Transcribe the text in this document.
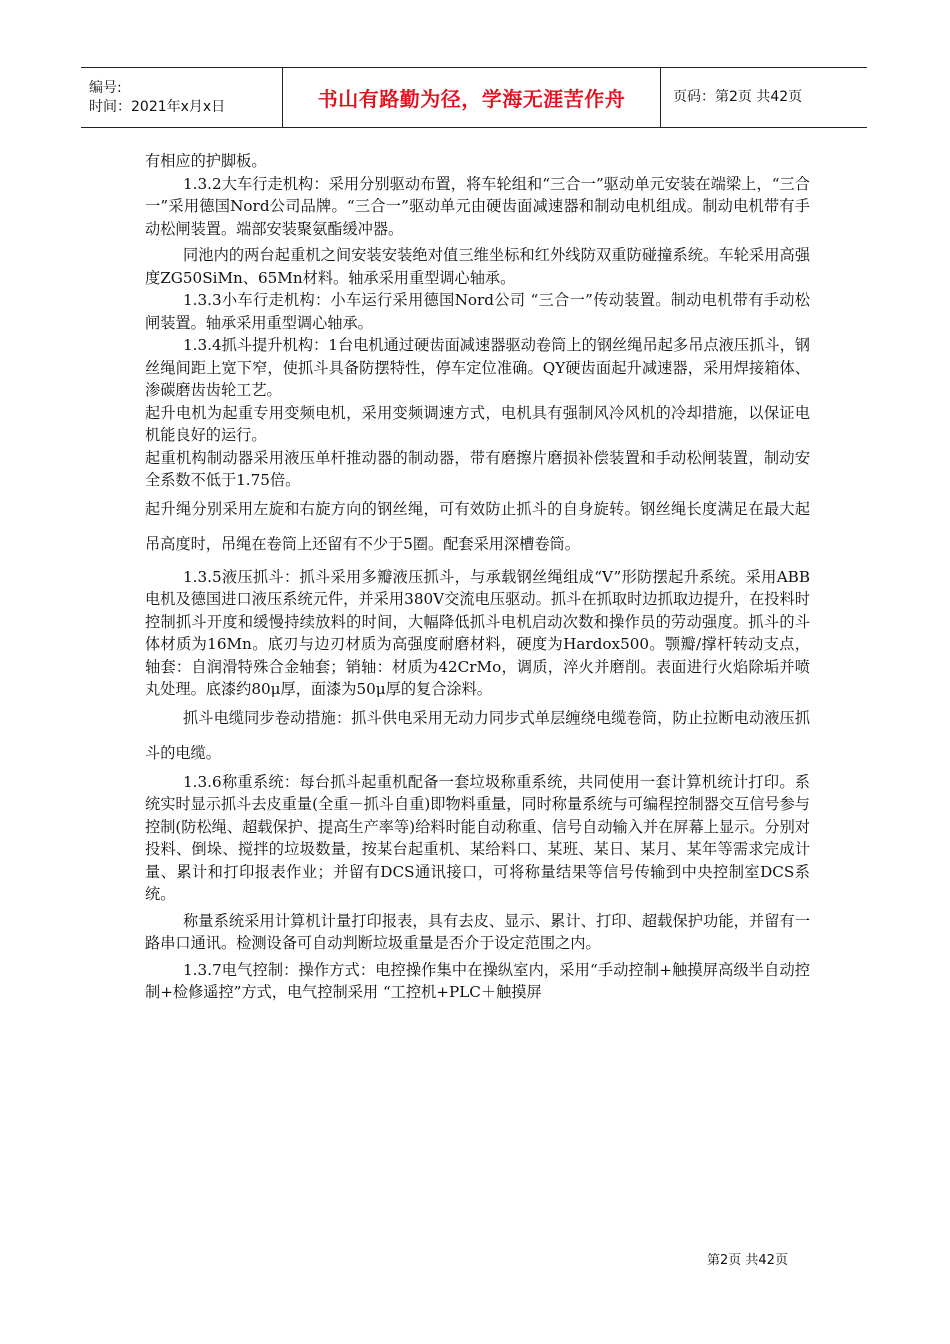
编号:
时间：2021年x月x日	书山有路勤为径，学海无涯苦作舟	页码：第2页 共42页

有相应的护脚板。

1.3.2大车行走机构：采用分别驱动布置，将车轮组和“三合一”驱动单元安装在端梁上，“三合一”采用德国Nord公司品牌。“三合一”驱动单元由硬齿面减速器和制动电机组成。制动电机带有手动松闸装置。端部安装聚氨酯缓冲器。

同池内的两台起重机之间安装安装绝对值三维坐标和红外线防双重防碰撞系统。车轮采用高强度ZG50SiMn、65Mn材料。轴承采用重型调心轴承。

1.3.3小车行走机构：小车运行采用德国Nord公司 “三合一”传动装置。制动电机带有手动松闸装置。轴承采用重型调心轴承。

1.3.4抓斗提升机构：1台电机通过硬齿面减速器驱动卷筒上的钢丝绳吊起多吊点液压抓斗，钢丝绳间距上宽下窄，使抓斗具备防摆特性，停车定位准确。QY硬齿面起升减速器，采用焊接箱体、渗碳磨齿齿轮工艺。

起升电机为起重专用变频电机，采用变频调速方式，电机具有强制风冷风机的冷却措施，以保证电机能良好的运行。

起重机构制动器采用液压单杆推动器的制动器，带有磨擦片磨损补偿装置和手动松闸装置，制动安全系数不低于1.75倍。

起升绳分别采用左旋和右旋方向的钢丝绳，可有效防止抓斗的自身旋转。钢丝绳长度满足在最大起吊高度时，吊绳在卷筒上还留有不少于5圈。配套采用深槽卷筒。

1.3.5液压抓斗：抓斗采用多瓣液压抓斗，与承载钢丝绳组成“V”形防摆起升系统。采用ABB电机及德国进口液压系统元件，并采用380V交流电压驱动。抓斗在抓取时边抓取边提升，在投料时控制抓斗开度和缓慢持续放料的时间，大幅降低抓斗电机启动次数和操作员的劳动强度。抓斗的斗体材质为16Mn。底刃与边刃材质为高强度耐磨材料，硬度为Hardox500。颚瓣/撑杆转动支点，轴套：自润滑特殊合金轴套；销轴：材质为42CrMo，调质，淬火并磨削。表面进行火焰除垢并喷丸处理。底漆约80μ厚，面漆为50μ厚的复合涂料。

抓斗电缆同步卷动措施：抓斗供电采用无动力同步式单层缠绕电缆卷筒，防止拉断电动液压抓斗的电缆。

1.3.6称重系统：每台抓斗起重机配备一套垃圾称重系统，共同使用一套计算机统计打印。系统实时显示抓斗去皮重量(全重－抓斗自重)即物料重量，同时称量系统与可编程控制器交互信号参与控制(防松绳、超载保护、提高生产率等)给料时能自动称重、信号自动输入并在屏幕上显示。分别对投料、倒垛、搅拌的垃圾数量，按某台起重机、某给料口、某班、某日、某月、某年等需求完成计量、累计和打印报表作业；并留有DCS通讯接口，可将称量结果等信号传输到中央控制室DCS系统。

称量系统采用计算机计量打印报表，具有去皮、显示、累计、打印、超载保护功能，并留有一路串口通讯。检测设备可自动判断垃圾重量是否介于设定范围之内。

1.3.7电气控制：操作方式：电控操作集中在操纵室内，采用“手动控制+触摸屏高级半自动控制+检修遥控”方式，电气控制采用 “工控机+PLC＋触摸屏

第2页 共42页
